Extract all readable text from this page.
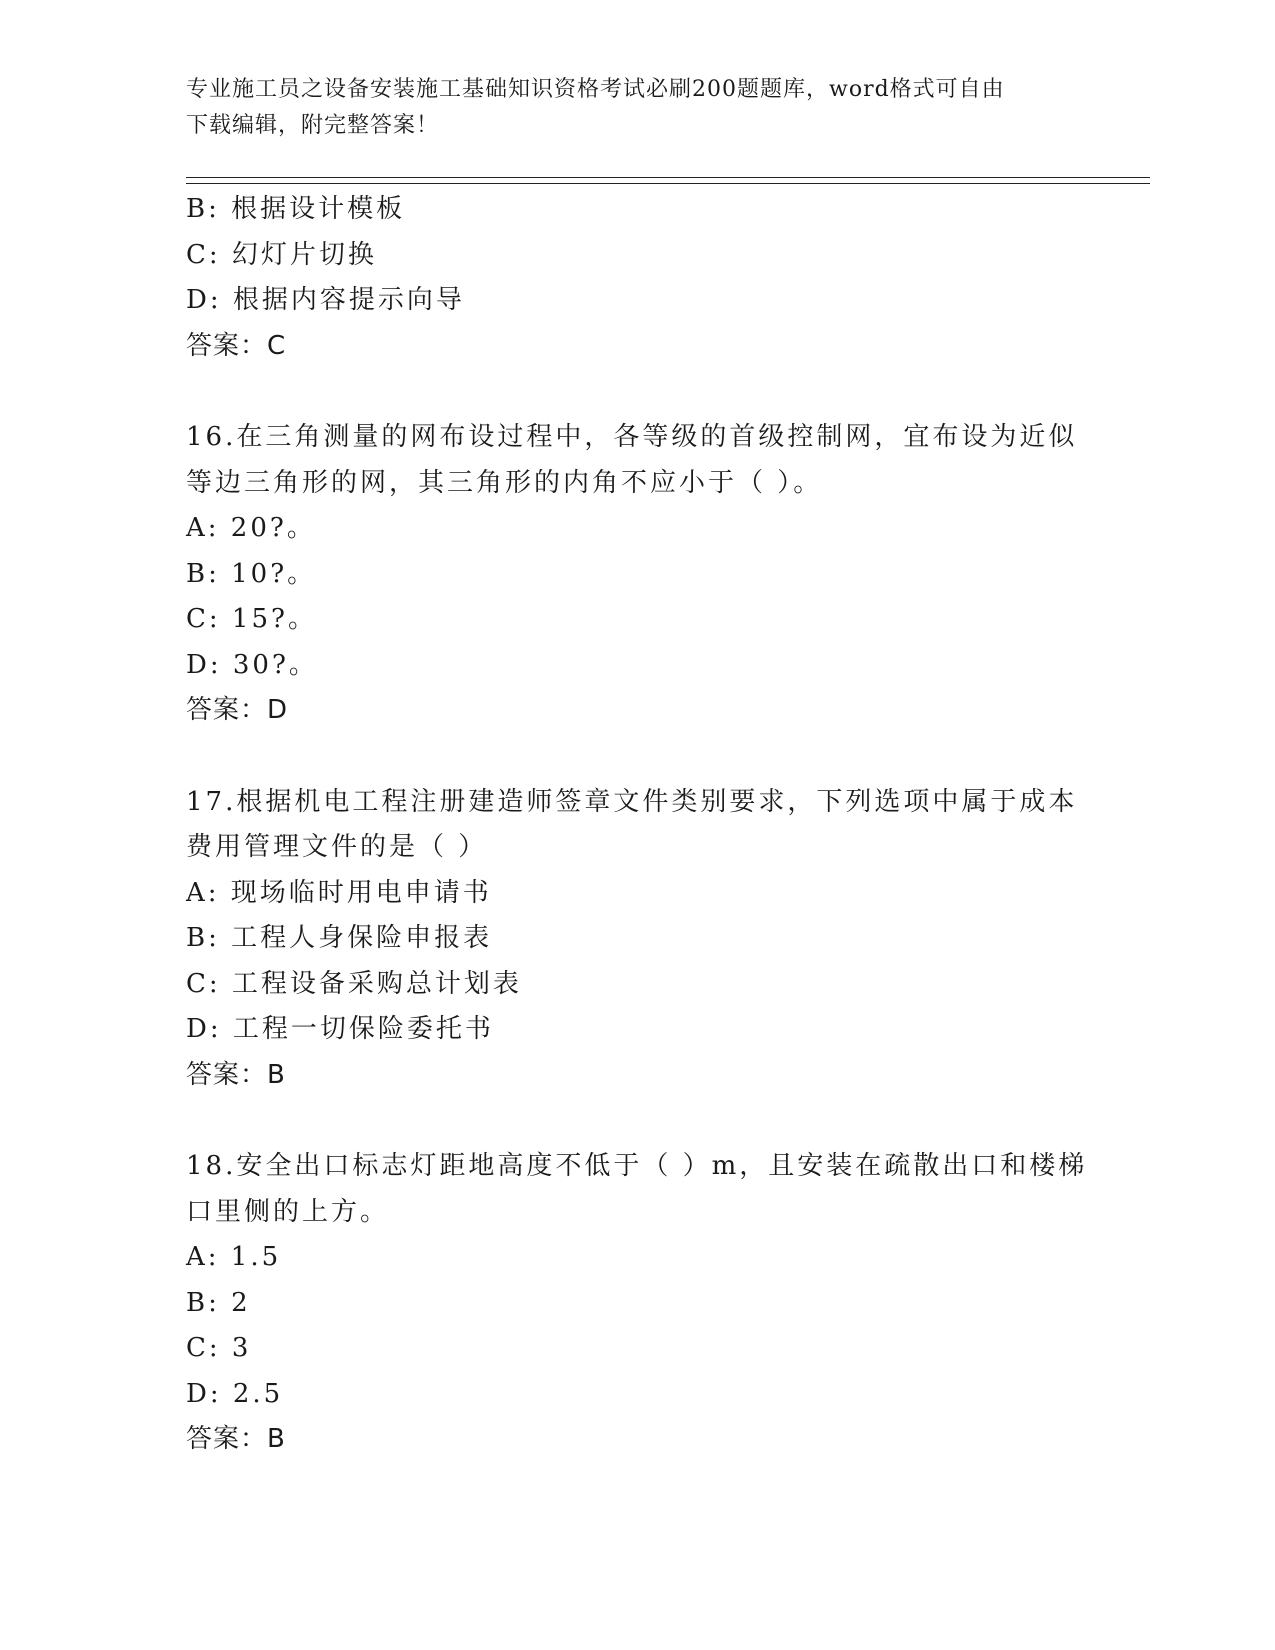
专业施工员之设备安装施工基础知识资格考试必刷200题题库，word格式可自由
下载编辑，附完整答案！
B: 根据设计模板
C: 幻灯片切换
D: 根据内容提示向导
答案：C
16.在三角测量的网布设过程中，各等级的首级控制网，宜布设为近似
等边三角形的网，其三角形的内角不应小于（ ）。
A: 20?。
B: 10?。
C: 15?。
D: 30?。
答案：D
17.根据机电工程注册建造师签章文件类别要求，下列选项中属于成本
费用管理文件的是（ ）
A: 现场临时用电申请书
B: 工程人身保险申报表
C: 工程设备采购总计划表
D: 工程一切保险委托书
答案：B
18.安全出口标志灯距地高度不低于（ ）m，且安装在疏散出口和楼梯
口里侧的上方。
A: 1.5
B: 2
C: 3
D: 2.5
答案：B
